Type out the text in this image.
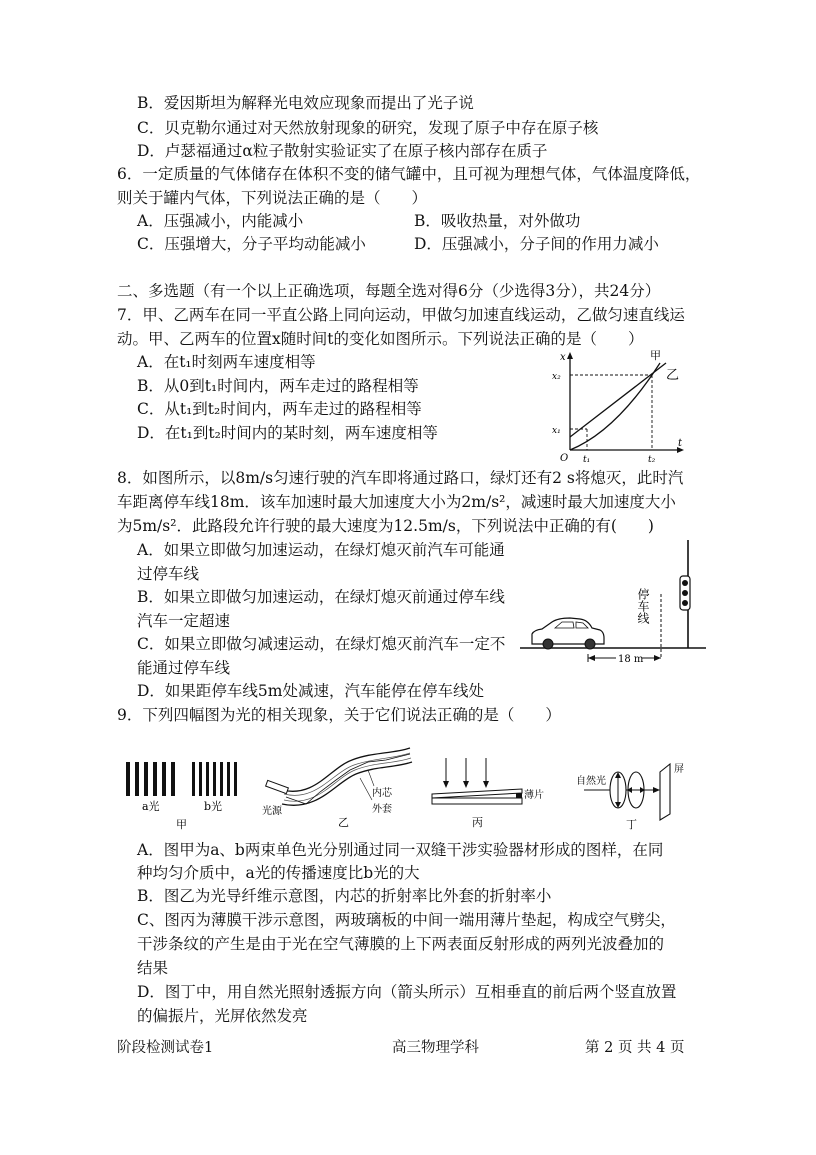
B．爱因斯坦为解释光电效应现象而提出了光子说
C．贝克勒尔通过对天然放射现象的研究，发现了原子中存在原子核
D．卢瑟福通过α粒子散射实验证实了在原子核内部存在质子
6．一定质量的气体储存在体积不变的储气罐中，且可视为理想气体，气体温度降低，
则关于罐内气体，下列说法正确的是（　　）
A．压强减小，内能减小	B．吸收热量，对外做功
C．压强增大，分子平均动能减小	D．压强减小，分子间的作用力减小
二、多选题（有一个以上正确选项，每题全选对得6分（少选得3分），共24分）
7．甲、乙两车在同一平直公路上同向运动，甲做匀加速直线运动，乙做匀速直线运
动。甲、乙两车的位置x随时间t的变化如图所示。下列说法正确的是（　　）
A．在t₁时刻两车速度相等
B．从0到t₁时间内，两车走过的路程相等
C．从t₁到t₂时间内，两车走过的路程相等
D．在t₁到t₂时间内的某时刻，两车速度相等
x
t
O
甲
乙
x₂
x₁
t₁	t₂
8．如图所示，以8m/s匀速行驶的汽车即将通过路口，绿灯还有2 s将熄灭，此时汽
车距离停车线18m．该车加速时最大加速度大小为2m/s²，减速时最大加速度大小
为5m/s²．此路段允许行驶的最大速度为12.5m/s，下列说法中正确的有(　　)
A．如果立即做匀加速运动，在绿灯熄灭前汽车可能通
过停车线
B．如果立即做匀加速运动，在绿灯熄灭前通过停车线
汽车一定超速
C．如果立即做匀减速运动，在绿灯熄灭前汽车一定不
能通过停车线
D．如果距停车线5m处减速，汽车能停在停车线处
18 m
停车线
9．下列四幅图为光的相关现象，关于它们说法正确的是（　　）
a光	b光
甲
内芯
外套
光源
乙
薄片
丙
自然光
屏
丁
A．图甲为a、b两束单色光分别通过同一双缝干涉实验器材形成的图样，在同
种均匀介质中，a光的传播速度比b光的大
B．图乙为光导纤维示意图，内芯的折射率比外套的折射率小
C、图丙为薄膜干涉示意图，两玻璃板的中间一端用薄片垫起，构成空气劈尖，
干涉条纹的产生是由于光在空气薄膜的上下两表面反射形成的两列光波叠加的
结果
D．图丁中，用自然光照射透振方向（箭头所示）互相垂直的前后两个竖直放置
的偏振片，光屏依然发亮
阶段检测试卷1	高三物理学科	第 2 页 共 4 页
